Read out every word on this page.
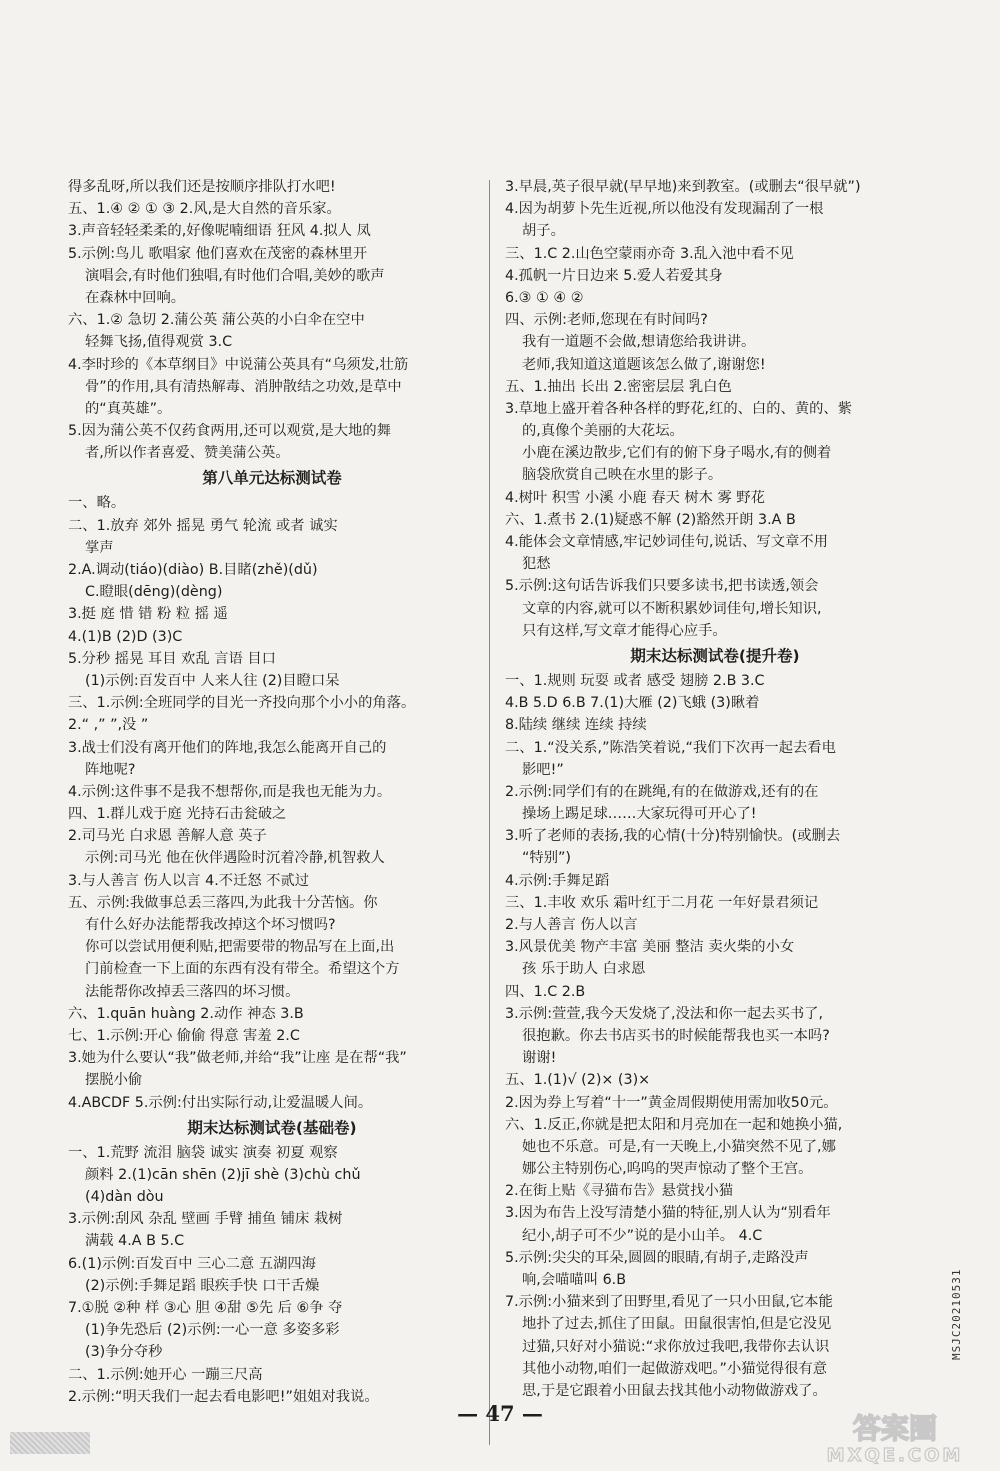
得多乱呀,所以我们还是按顺序排队打水吧!
五、1.④ ② ① ③ 2.风,是大自然的音乐家。
3.声音轻轻柔柔的,好像呢喃细语 狂风 4.拟人 凤
5.示例:鸟儿 歌唱家 他们喜欢在茂密的森林里开
演唱会,有时他们独唱,有时他们合唱,美妙的歌声
在森林中回响。
六、1.② 急切 2.蒲公英 蒲公英的小白伞在空中
轻舞飞扬,值得观赏 3.C
4.李时珍的《本草纲目》中说蒲公英具有“乌须发,壮筋
骨”的作用,具有清热解毒、消肿散结之功效,是草中
的“真英雄”。
5.因为蒲公英不仅药食两用,还可以观赏,是大地的舞
者,所以作者喜爱、赞美蒲公英。
第八单元达标测试卷
一、略。
二、1.放弃 郊外 摇晃 勇气 轮流 或者 诚实
掌声
2.A.调动(tiáo)(diào) B.目睹(zhě)(dǔ)
C.瞪眼(dēng)(dèng)
3.挺 庭 惜 错 粉 粒 摇 遥
4.(1)B (2)D (3)C
5.分秒 摇晃 耳目 欢乱 言语 目口
(1)示例:百发百中 人来人往 (2)目瞪口呆
三、1.示例:全班同学的目光一齐投向那个小小的角落。
2.“ ,” ”,没 ”
3.战士们没有离开他们的阵地,我怎么能离开自己的
阵地呢?
4.示例:这件事不是我不想帮你,而是我也无能为力。
四、1.群儿戏于庭 光持石击瓮破之
2.司马光 白求恩 善解人意 英子
示例:司马光 他在伙伴遇险时沉着冷静,机智救人
3.与人善言 伤人以言 4.不迁怒 不贰过
五、示例:我做事总丢三落四,为此我十分苦恼。你
有什么好办法能帮我改掉这个坏习惯吗?
你可以尝试用便利贴,把需要带的物品写在上面,出
门前检查一下上面的东西有没有带全。希望这个方
法能帮你改掉丢三落四的坏习惯。
六、1.quān huàng 2.动作 神态 3.B
七、1.示例:开心 偷偷 得意 害羞 2.C
3.她为什么要认“我”做老师,并给“我”让座 是在帮“我”
摆脱小偷
4.ABCDF 5.示例:付出实际行动,让爱温暖人间。
期末达标测试卷(基础卷)
一、1.荒野 流泪 脑袋 诚实 演奏 初夏 观察
颜料 2.(1)cān shēn (2)jī shè (3)chù chǔ
(4)dàn dòu
3.示例:刮风 杂乱 壁画 手臂 捕鱼 铺床 栽树
满载 4.A B 5.C
6.(1)示例:百发百中 三心二意 五湖四海
(2)示例:手舞足蹈 眼疾手快 口干舌燥
7.①脱 ②种 样 ③心 胆 ④甜 ⑤先 后 ⑥争 夺
(1)争先恐后 (2)示例:一心一意 多姿多彩
(3)争分夺秒
二、1.示例:她开心 一蹦三尺高
2.示例:“明天我们一起去看电影吧!”姐姐对我说。
3.早晨,英子很早就(早早地)来到教室。(或删去“很早就”)
4.因为胡萝卜先生近视,所以他没有发现漏刮了一根
胡子。
三、1.C 2.山色空蒙雨亦奇 3.乱入池中看不见
4.孤帆一片日边来 5.爱人若爱其身
6.③ ① ④ ②
四、示例:老师,您现在有时间吗?
我有一道题不会做,想请您给我讲讲。
老师,我知道这道题该怎么做了,谢谢您!
五、1.抽出 长出 2.密密层层 乳白色
3.草地上盛开着各种各样的野花,红的、白的、黄的、紫
的,真像个美丽的大花坛。
小鹿在溪边散步,它们有的俯下身子喝水,有的侧着
脑袋欣赏自己映在水里的影子。
4.树叶 积雪 小溪 小鹿 春天 树木 雾 野花
六、1.煮书 2.(1)疑惑不解 (2)豁然开朗 3.A B
4.能体会文章情感,牢记妙词佳句,说话、写文章不用
犯愁
5.示例:这句话告诉我们只要多读书,把书读透,领会
文章的内容,就可以不断积累妙词佳句,增长知识,
只有这样,写文章才能得心应手。
期末达标测试卷(提升卷)
一、1.规则 玩耍 或者 感受 翅膀 2.B 3.C
4.B 5.D 6.B 7.(1)大雁 (2)飞蛾 (3)瞅着
8.陆续 继续 连续 持续
二、1.“没关系,”陈浩笑着说,“我们下次再一起去看电
影吧!”
2.示例:同学们有的在跳绳,有的在做游戏,还有的在
操场上踢足球……大家玩得可开心了!
3.听了老师的表扬,我的心情(十分)特别愉快。(或删去
“特别”)
4.示例:手舞足蹈
三、1.丰收 欢乐 霜叶红于二月花 一年好景君须记
2.与人善言 伤人以言
3.风景优美 物产丰富 美丽 整洁 卖火柴的小女
孩 乐于助人 白求恩
四、1.C 2.B
3.示例:萱萱,我今天发烧了,没法和你一起去买书了,
很抱歉。你去书店买书的时候能帮我也买一本吗?
谢谢!
五、1.(1)√ (2)× (3)×
2.因为券上写着“十一”黄金周假期使用需加收50元。
六、1.反正,你就是把太阳和月亮加在一起和她换小猫,
她也不乐意。可是,有一天晚上,小猫突然不见了,娜
娜公主特别伤心,呜呜的哭声惊动了整个王宫。
2.在街上贴《寻猫布告》悬赏找小猫
3.因为布告上没写清楚小猫的特征,别人认为“别看年
纪小,胡子可不少”说的是小山羊。 4.C
5.示例:尖尖的耳朵,圆圆的眼睛,有胡子,走路没声
响,会喵喵叫 6.B
7.示例:小猫来到了田野里,看见了一只小田鼠,它本能
地扑了过去,抓住了田鼠。田鼠很害怕,但是它没见
过猫,只好对小猫说:“求你放过我吧,我带你去认识
其他小动物,咱们一起做游戏吧。”小猫觉得很有意
思,于是它跟着小田鼠去找其他小动物做游戏了。
— 47 —
MSJC20210531
答案圈
MXQE.COM
